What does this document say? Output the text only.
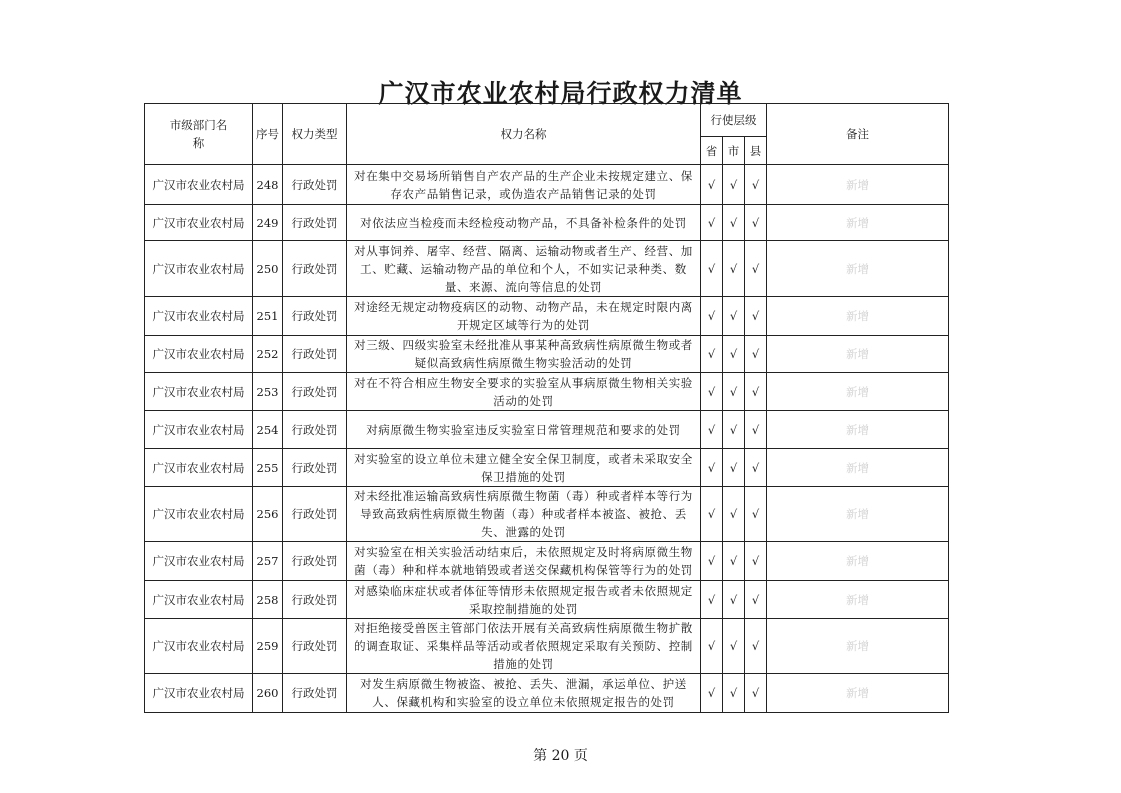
广汉市农业农村局行政权力清单
市级部门名称	序号	权力类型	权力名称	行使层级			备注
				省	市	县	
广汉市农业农村局	248	行政处罚	对在集中交易场所销售自产农产品的生产企业未按规定建立、保存农产品销售记录，或伪造农产品销售记录的处罚	√	√	√	新增
广汉市农业农村局	249	行政处罚	对依法应当检疫而未经检疫动物产品，不具备补检条件的处罚	√	√	√	新增
广汉市农业农村局	250	行政处罚	对从事饲养、屠宰、经营、隔离、运输动物或者生产、经营、加工、贮藏、运输动物产品的单位和个人，不如实记录种类、数量、来源、流向等信息的处罚	√	√	√	新增
广汉市农业农村局	251	行政处罚	对途经无规定动物疫病区的动物、动物产品，未在规定时限内离开规定区域等行为的处罚	√	√	√	新增
广汉市农业农村局	252	行政处罚	对三级、四级实验室未经批准从事某种高致病性病原微生物或者疑似高致病性病原微生物实验活动的处罚	√	√	√	新增
广汉市农业农村局	253	行政处罚	对在不符合相应生物安全要求的实验室从事病原微生物相关实验活动的处罚	√	√	√	新增
广汉市农业农村局	254	行政处罚	对病原微生物实验室违反实验室日常管理规范和要求的处罚	√	√	√	新增
广汉市农业农村局	255	行政处罚	对实验室的设立单位未建立健全安全保卫制度，或者未采取安全保卫措施的处罚	√	√	√	新增
广汉市农业农村局	256	行政处罚	对未经批准运输高致病性病原微生物菌（毒）种或者样本等行为导致高致病性病原微生物菌（毒）种或者样本被盗、被抢、丢失、泄露的处罚	√	√	√	新增
广汉市农业农村局	257	行政处罚	对实验室在相关实验活动结束后，未依照规定及时将病原微生物菌（毒）种和样本就地销毁或者送交保藏机构保管等行为的处罚	√	√	√	新增
广汉市农业农村局	258	行政处罚	对感染临床症状或者体征等情形未依照规定报告或者未依照规定采取控制措施的处罚	√	√	√	新增
广汉市农业农村局	259	行政处罚	对拒绝接受兽医主管部门依法开展有关高致病性病原微生物扩散的调查取证、采集样品等活动或者依照规定采取有关预防、控制措施的处罚	√	√	√	新增
广汉市农业农村局	260	行政处罚	对发生病原微生物被盗、被抢、丢失、泄漏，承运单位、护送人、保藏机构和实验室的设立单位未依照规定报告的处罚	√	√	√	新增
第 20 页
